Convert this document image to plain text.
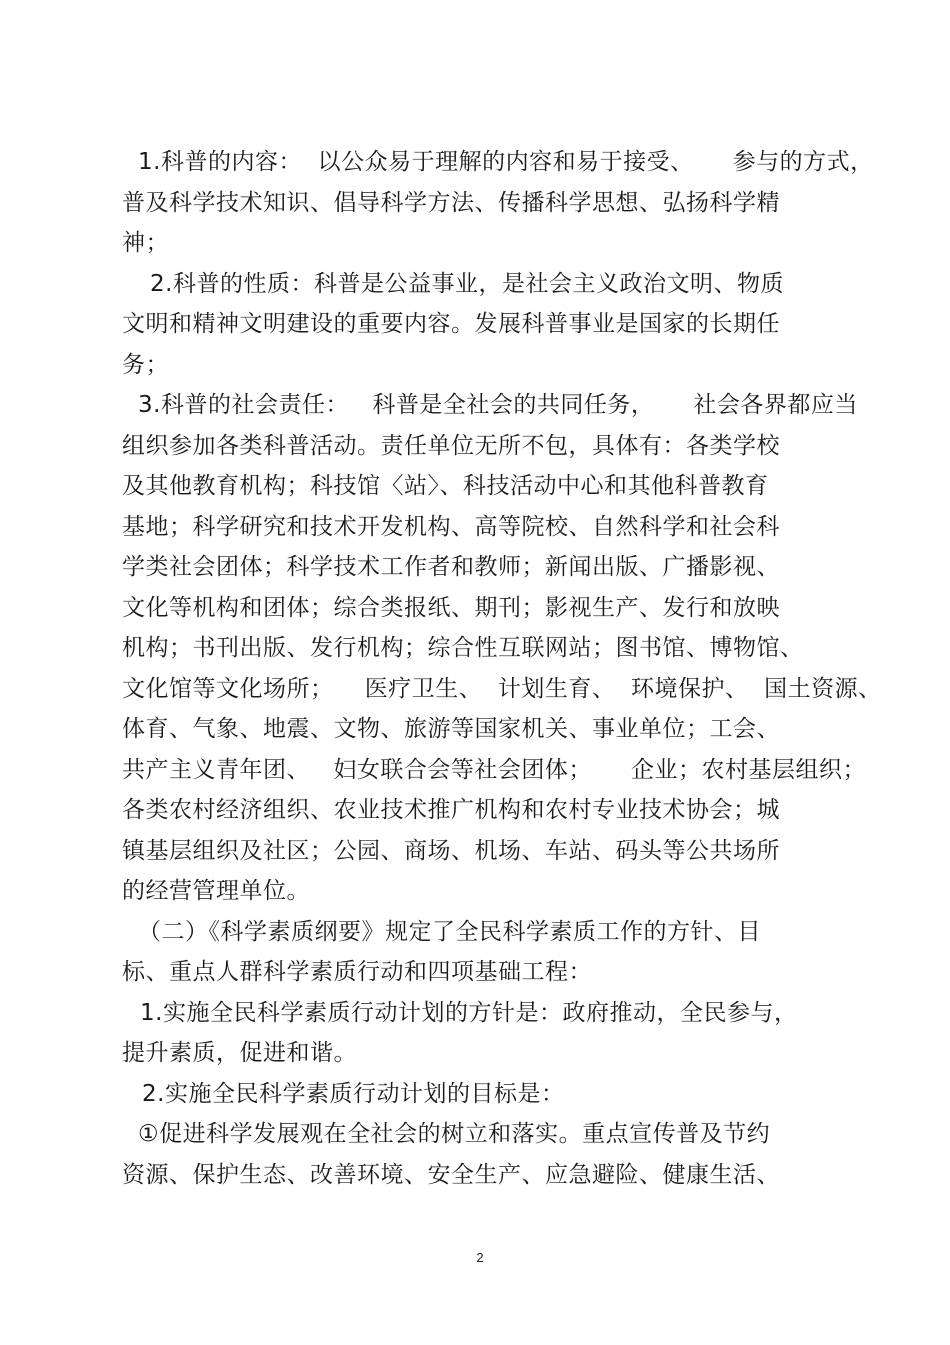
1.科普的内容：  以公众易于理解的内容和易于接受、     参与的方式，
普及科学技术知识、倡导科学方法、传播科学思想、弘扬科学精
神；
2.科普的性质：科普是公益事业，是社会主义政治文明、物质
文明和精神文明建设的重要内容。发展科普事业是国家的长期任
务；
3.科普的社会责任：   科普是全社会的共同任务，     社会各界都应当
组织参加各类科普活动。责任单位无所不包，具体有：各类学校
及其他教育机构；科技馆〈站〉、科技活动中心和其他科普教育
基地；科学研究和技术开发机构、高等院校、自然科学和社会科
学类社会团体；科学技术工作者和教师；新闻出版、广播影视、
文化等机构和团体；综合类报纸、期刊；影视生产、发行和放映
机构；书刊出版、发行机构；综合性互联网站；图书馆、博物馆、
文化馆等文化场所；    医疗卫生、  计划生育、  环境保护、  国土资源、
体育、气象、地震、文物、旅游等国家机关、事业单位；工会、
共产主义青年团、   妇女联合会等社会团体；     企业；农村基层组织；
各类农村经济组织、农业技术推广机构和农村专业技术协会；城
镇基层组织及社区；公园、商场、机场、车站、码头等公共场所
的经营管理单位。
（二）《科学素质纲要》规定了全民科学素质工作的方针、目
标、重点人群科学素质行动和四项基础工程：
1.实施全民科学素质行动计划的方针是：政府推动，全民参与，
提升素质，促进和谐。
2.实施全民科学素质行动计划的目标是：
①促进科学发展观在全社会的树立和落实。重点宣传普及节约
资源、保护生态、改善环境、安全生产、应急避险、健康生活、
2
